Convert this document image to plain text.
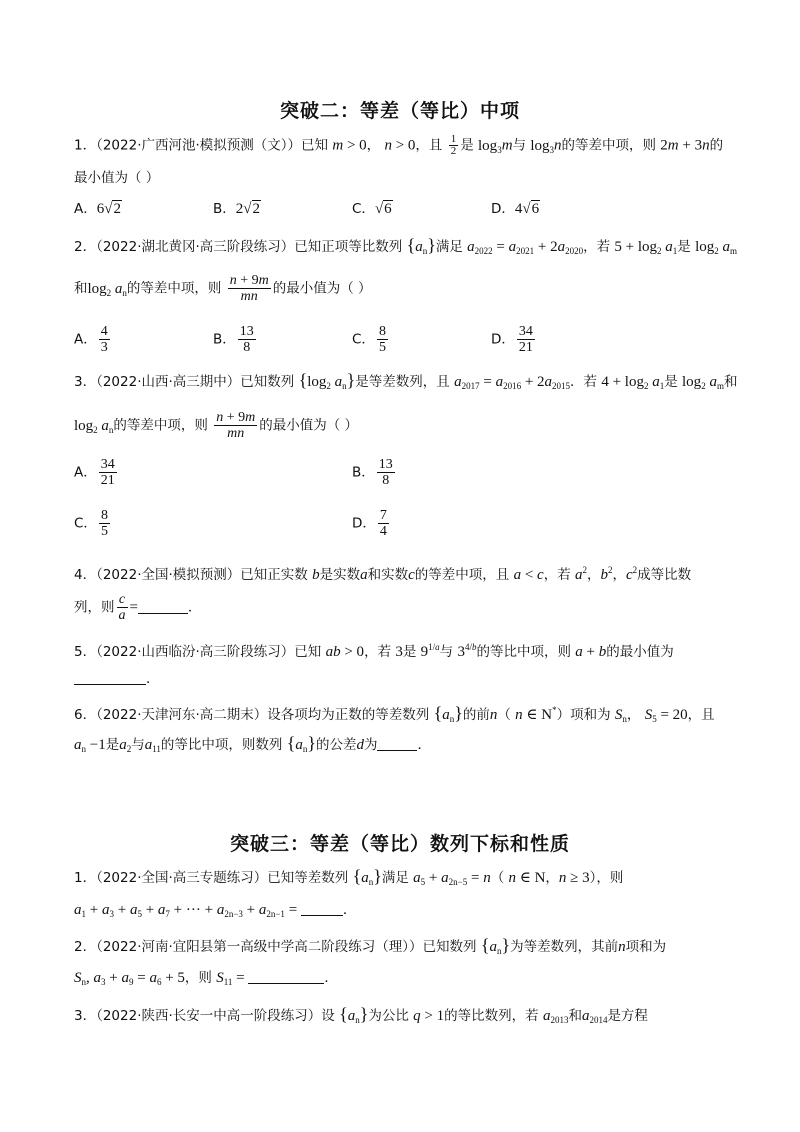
突破二：等差（等比）中项
1．（2022·广西河池·模拟预测（文））已知 m > 0， n > 0，且 $\frac{1}{2}$ 是 $\log_3m$与 $\log_3n$的等差中项，则 2m + 3n的
最小值为（ ）
A．6√2	B．2√2	C．√6	D．4√6
2．（2022·湖北黄冈·高三阶段练习）已知正项等比数列 $\{a_n\}$满足 $a_{2022} = a_{2021} + 2a_{2020}$，若 $5 + \log_2 a_1$是 $\log_2 a_m$
和$\log_2 a_n$的等差中项，则 $\frac{n + 9m}{mn}$ 的最小值为（ ）
A． $\frac{4}{3}$	B． $\frac{13}{8}$	C． $\frac{8}{5}$	D． $\frac{34}{21}$
3．（2022·山西·高三期中）已知数列 {$\log_2$ $a_n$}是等差数列，且 $a_{2017} = a_{2016} + 2a_{2015}$．若 $4 + \log_2 a_1$是 $\log_2 a_m$和
$\log_2 a_n$的等差中项，则 $\frac{n + 9m}{mn}$ 的最小值为（ ）
A． $\frac{34}{21}$	B． $\frac{13}{8}$
C． $\frac{8}{5}$	D． $\frac{7}{4}$
4．（2022·全国·模拟预测）已知正实数 b是实数a和实数c的等差中项，且 a < c，若 $a^2$，$b^2$，$c^2$成等比数
列，则 $\frac{c}{a}$ =	．
5．（2022·山西临汾·高三阶段练习）已知 ab > 0，若 3是 $9^{1/a}$与 $3^{4/b}$的等比中项，则 a + b的最小值为
．
6．（2022·天津河东·高二期末）设各项均为正数的等差数列 $\{a_n\}$的前n（ n ∈ N*）项和为 $S_n$， $S_5 = 20$，且
$a_n -1$是$a_2$与$a_{11}$的等比中项，则数列 $\{a_n\}$的公差d为	．
突破三：等差（等比）数列下标和性质
1．（2022·全国·高三专题练习）已知等差数列 $\{a_n\}$满足 $a_5 + a_{2n-5} = n$（ n ∈ N，n ≥ 3），则
$a_1 + a_3 + a_5 + a_7$ + ··· + $a_{2n-3} + a_{2n-1}$ =	．
2．（2022·河南·宜阳县第一高级中学高二阶段练习（理））已知数列 $\{a_n\}$为等差数列，其前n项和为
$S_n$, $a_3 + a_9 = a_6 + 5$，则 $S_{11}$ =	．
3．（2022·陕西·长安一中高一阶段练习）设 $\{a_n\}$为公比 q > 1的等比数列，若 $a_{2013}$和$a_{2014}$是方程
